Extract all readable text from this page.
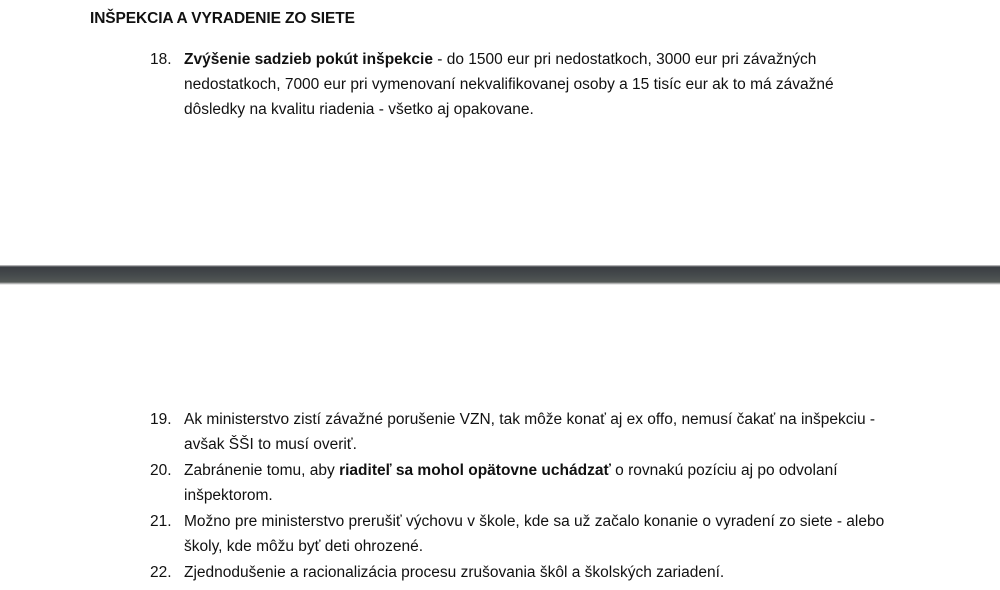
INŠPEKCIA A VYRADENIE ZO SIETE
18. Zvýšenie sadzieb pokút inšpekcie - do 1500 eur pri nedostatkoch, 3000 eur pri závažných nedostatkoch, 7000 eur pri vymenovaní nekvalifikovanej osoby a 15 tisíc eur ak to má závažné dôsledky na kvalitu riadenia - všetko aj opakovane.
19. Ak ministerstvo zistí závažné porušenie VZN, tak môže konať aj ex offo, nemusí čakať na inšpekciu - avšak ŠŠI to musí overiť.
20. Zabránenie tomu, aby riaditeľ sa mohol opätovne uchádzať o rovnakú pozíciu aj po odvolaní inšpektorom.
21. Možno pre ministerstvo prerušiť výchovu v škole, kde sa už začalo konanie o vyradení zo siete - alebo školy, kde môžu byť deti ohrozené.
22. Zjednodušenie a racionalizácia procesu zrušovania škôl a školských zariadení.
